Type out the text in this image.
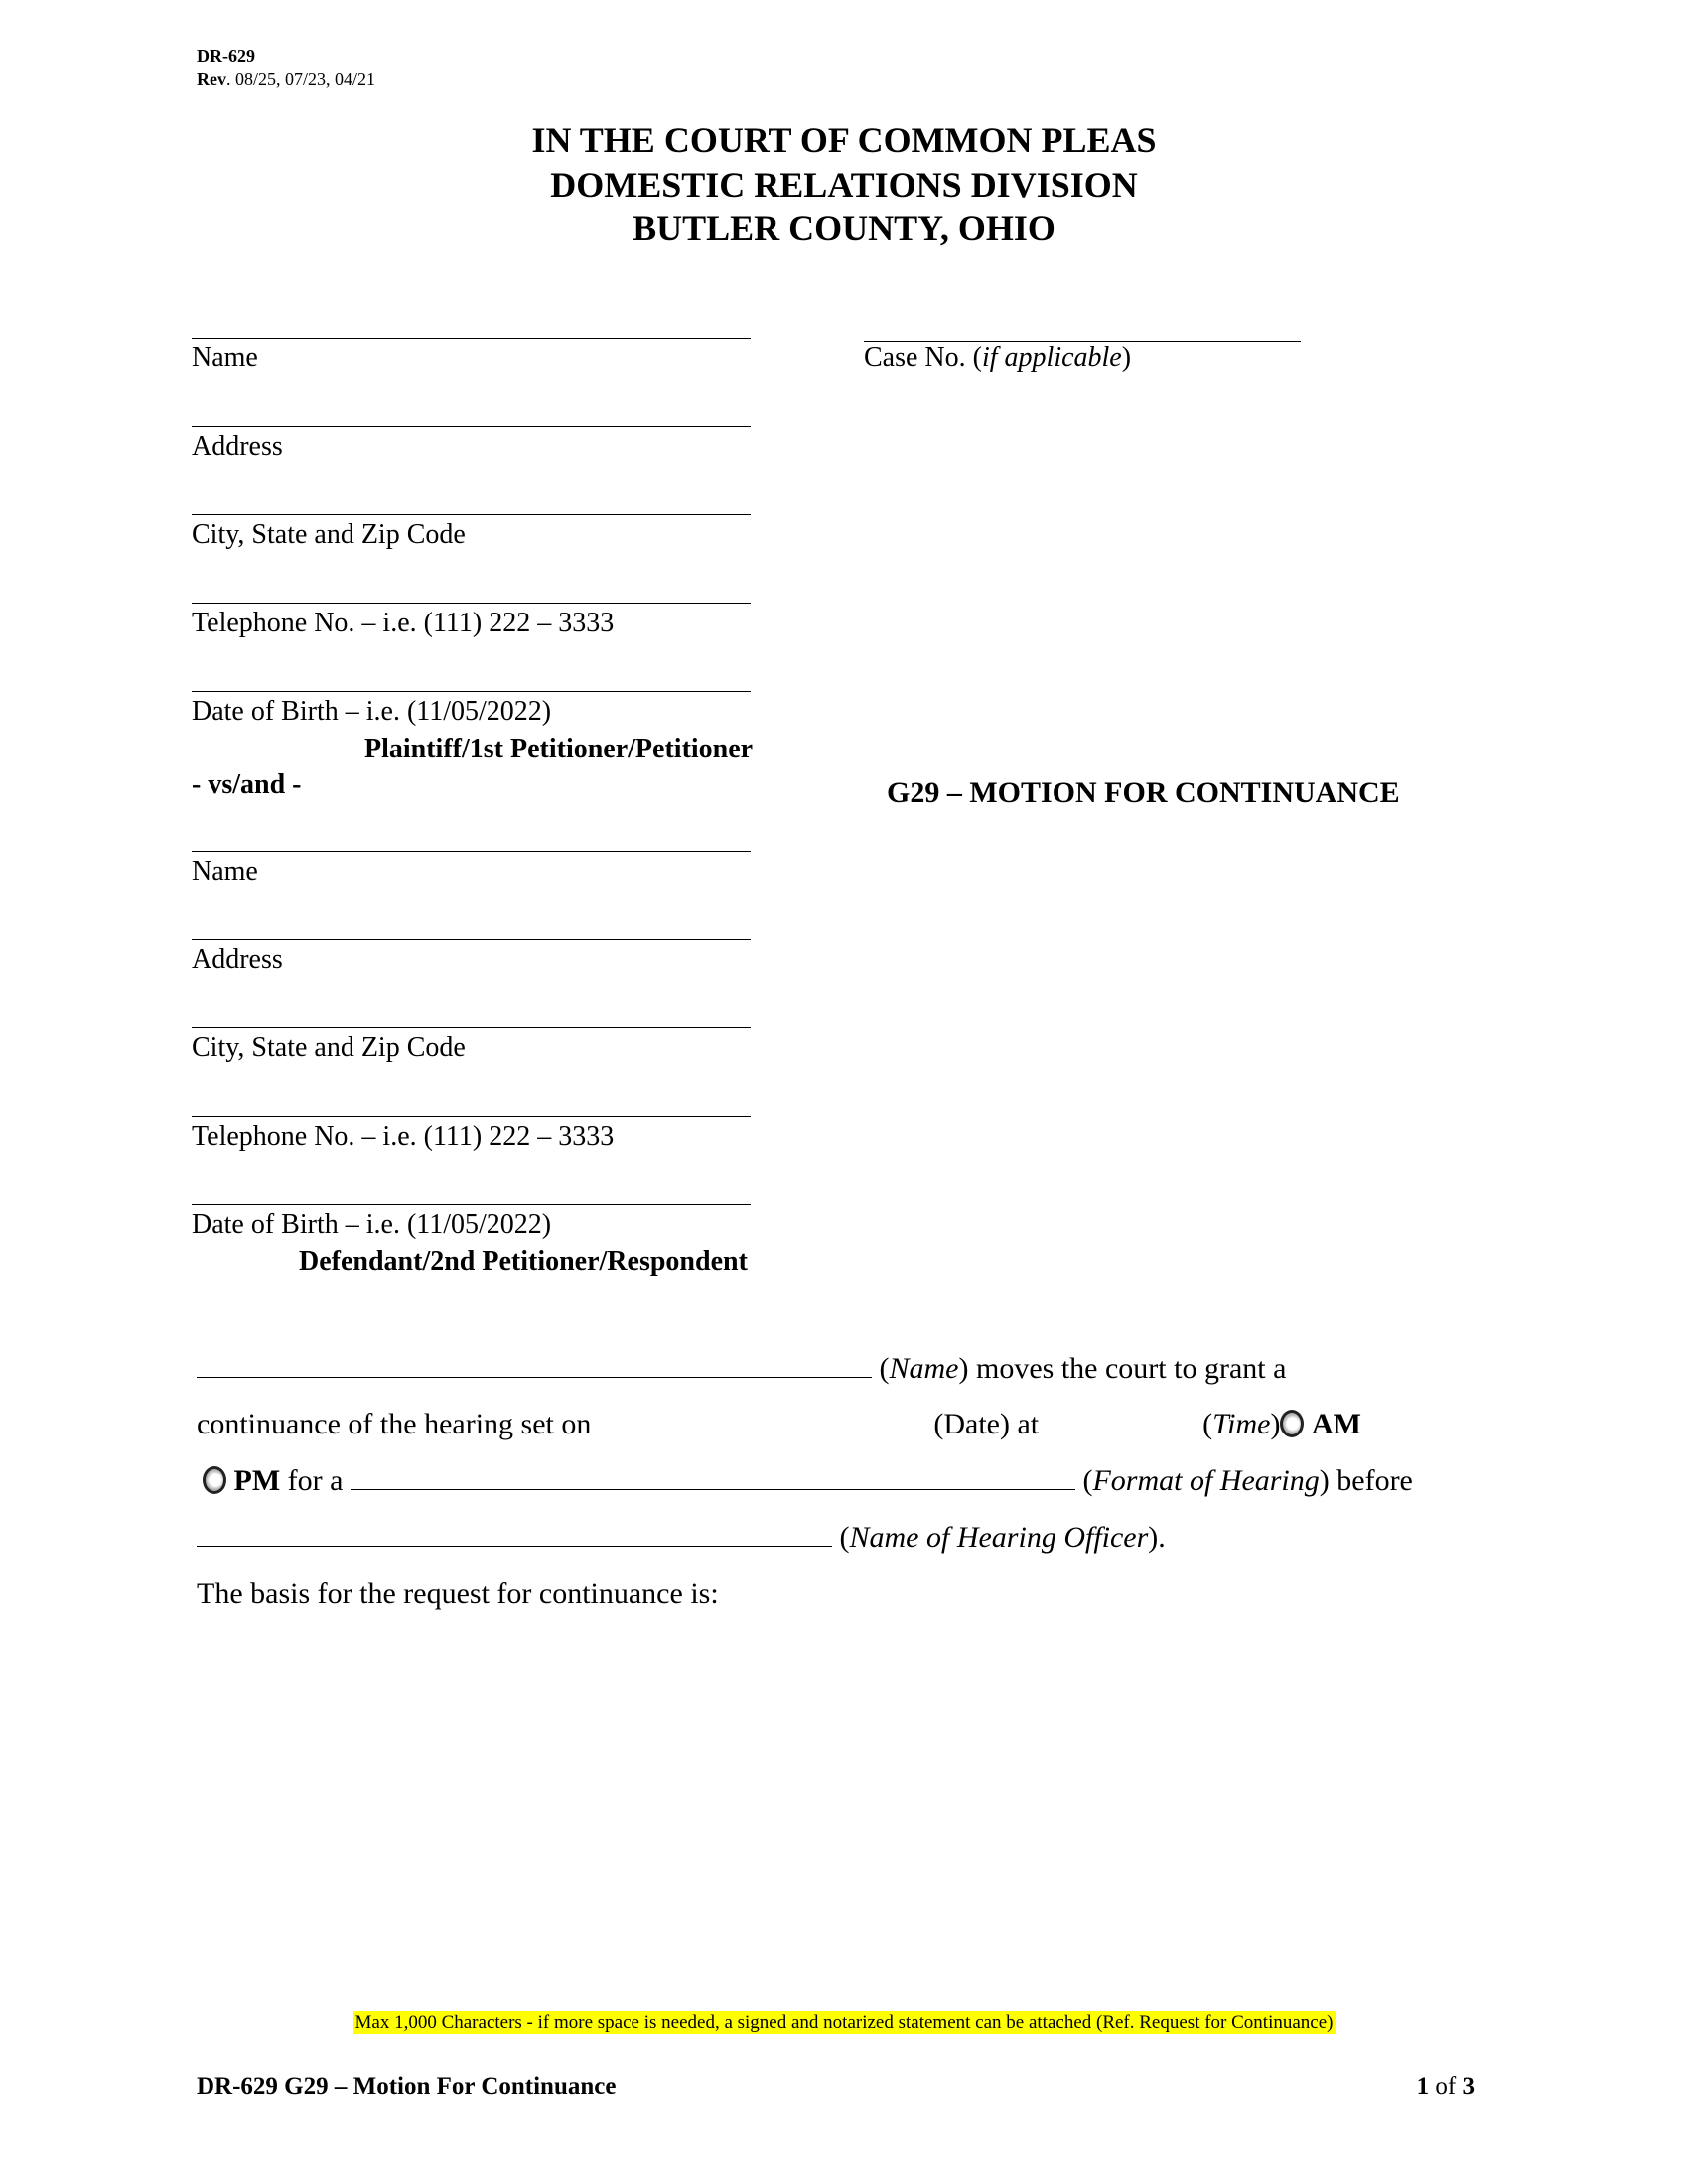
DR-629
Rev. 08/25, 07/23, 04/21
IN THE COURT OF COMMON PLEAS
DOMESTIC RELATIONS DIVISION
BUTLER COUNTY, OHIO
Case No. (if applicable)
Name
Address
City, State and Zip Code
Telephone No. – i.e. (111) 222 – 3333
Date of Birth – i.e. (11/05/2022)
Plaintiff/1st Petitioner/Petitioner
- vs/and -	G29 – MOTION FOR CONTINUANCE
Name
Address
City, State and Zip Code
Telephone No. – i.e. (111) 222 – 3333
Date of Birth – i.e. (11/05/2022)
Defendant/2nd Petitioner/Respondent
(Name) moves the court to grant a
continuance of the hearing set on	(Date) at	(Time) AM
PM for a	(Format of Hearing) before
(Name of Hearing Officer).
The basis for the request for continuance is:
Max 1,000 Characters - if more space is needed, a signed and notarized statement can be attached (Ref. Request for Continuance)
DR-629 G29 – Motion For Continuance	1 of 3
